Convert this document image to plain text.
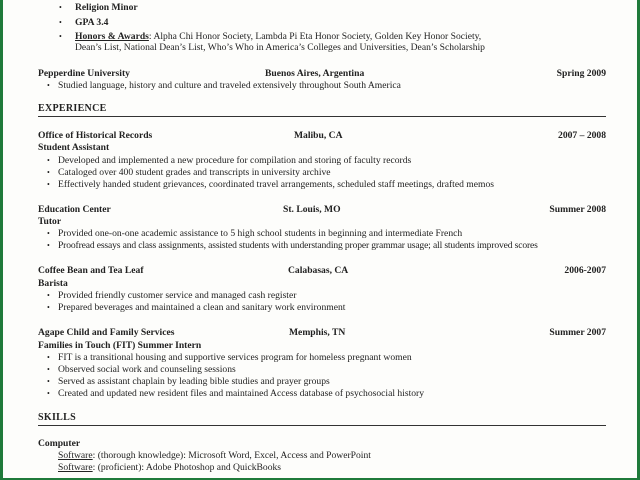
• Religion Minor
• GPA 3.4
• Honors & Awards: Alpha Chi Honor Society, Lambda Pi Eta Honor Society, Golden Key Honor Society,
Dean’s List, National Dean’s List, Who’s Who in America’s Colleges and Universities, Dean’s Scholarship
Pepperdine University	Buenos Aires, Argentina	Spring 2009
• Studied language, history and culture and traveled extensively throughout South America
EXPERIENCE
Office of Historical Records	Malibu, CA	2007 – 2008
Student Assistant
• Developed and implemented a new procedure for compilation and storing of faculty records
• Cataloged over 400 student grades and transcripts in university archive
• Effectively handed student grievances, coordinated travel arrangements, scheduled staff meetings, drafted memos
Education Center	St. Louis, MO	Summer 2008
Tutor
• Provided one-on-one academic assistance to 5 high school students in beginning and intermediate French
• Proofread essays and class assignments, assisted students with understanding proper grammar usage; all students improved scores
Coffee Bean and Tea Leaf	Calabasas, CA	2006-2007
Barista
• Provided friendly customer service and managed cash register
• Prepared beverages and maintained a clean and sanitary work environment
Agape Child and Family Services	Memphis, TN	Summer 2007
Families in Touch (FIT) Summer Intern
• FIT is a transitional housing and supportive services program for homeless pregnant women
• Observed social work and counseling sessions
• Served as assistant chaplain by leading bible studies and prayer groups
• Created and updated new resident files and maintained Access database of psychosocial history
SKILLS
Computer
Software: (thorough knowledge): Microsoft Word, Excel, Access and PowerPoint
Software: (proficient): Adobe Photoshop and QuickBooks
